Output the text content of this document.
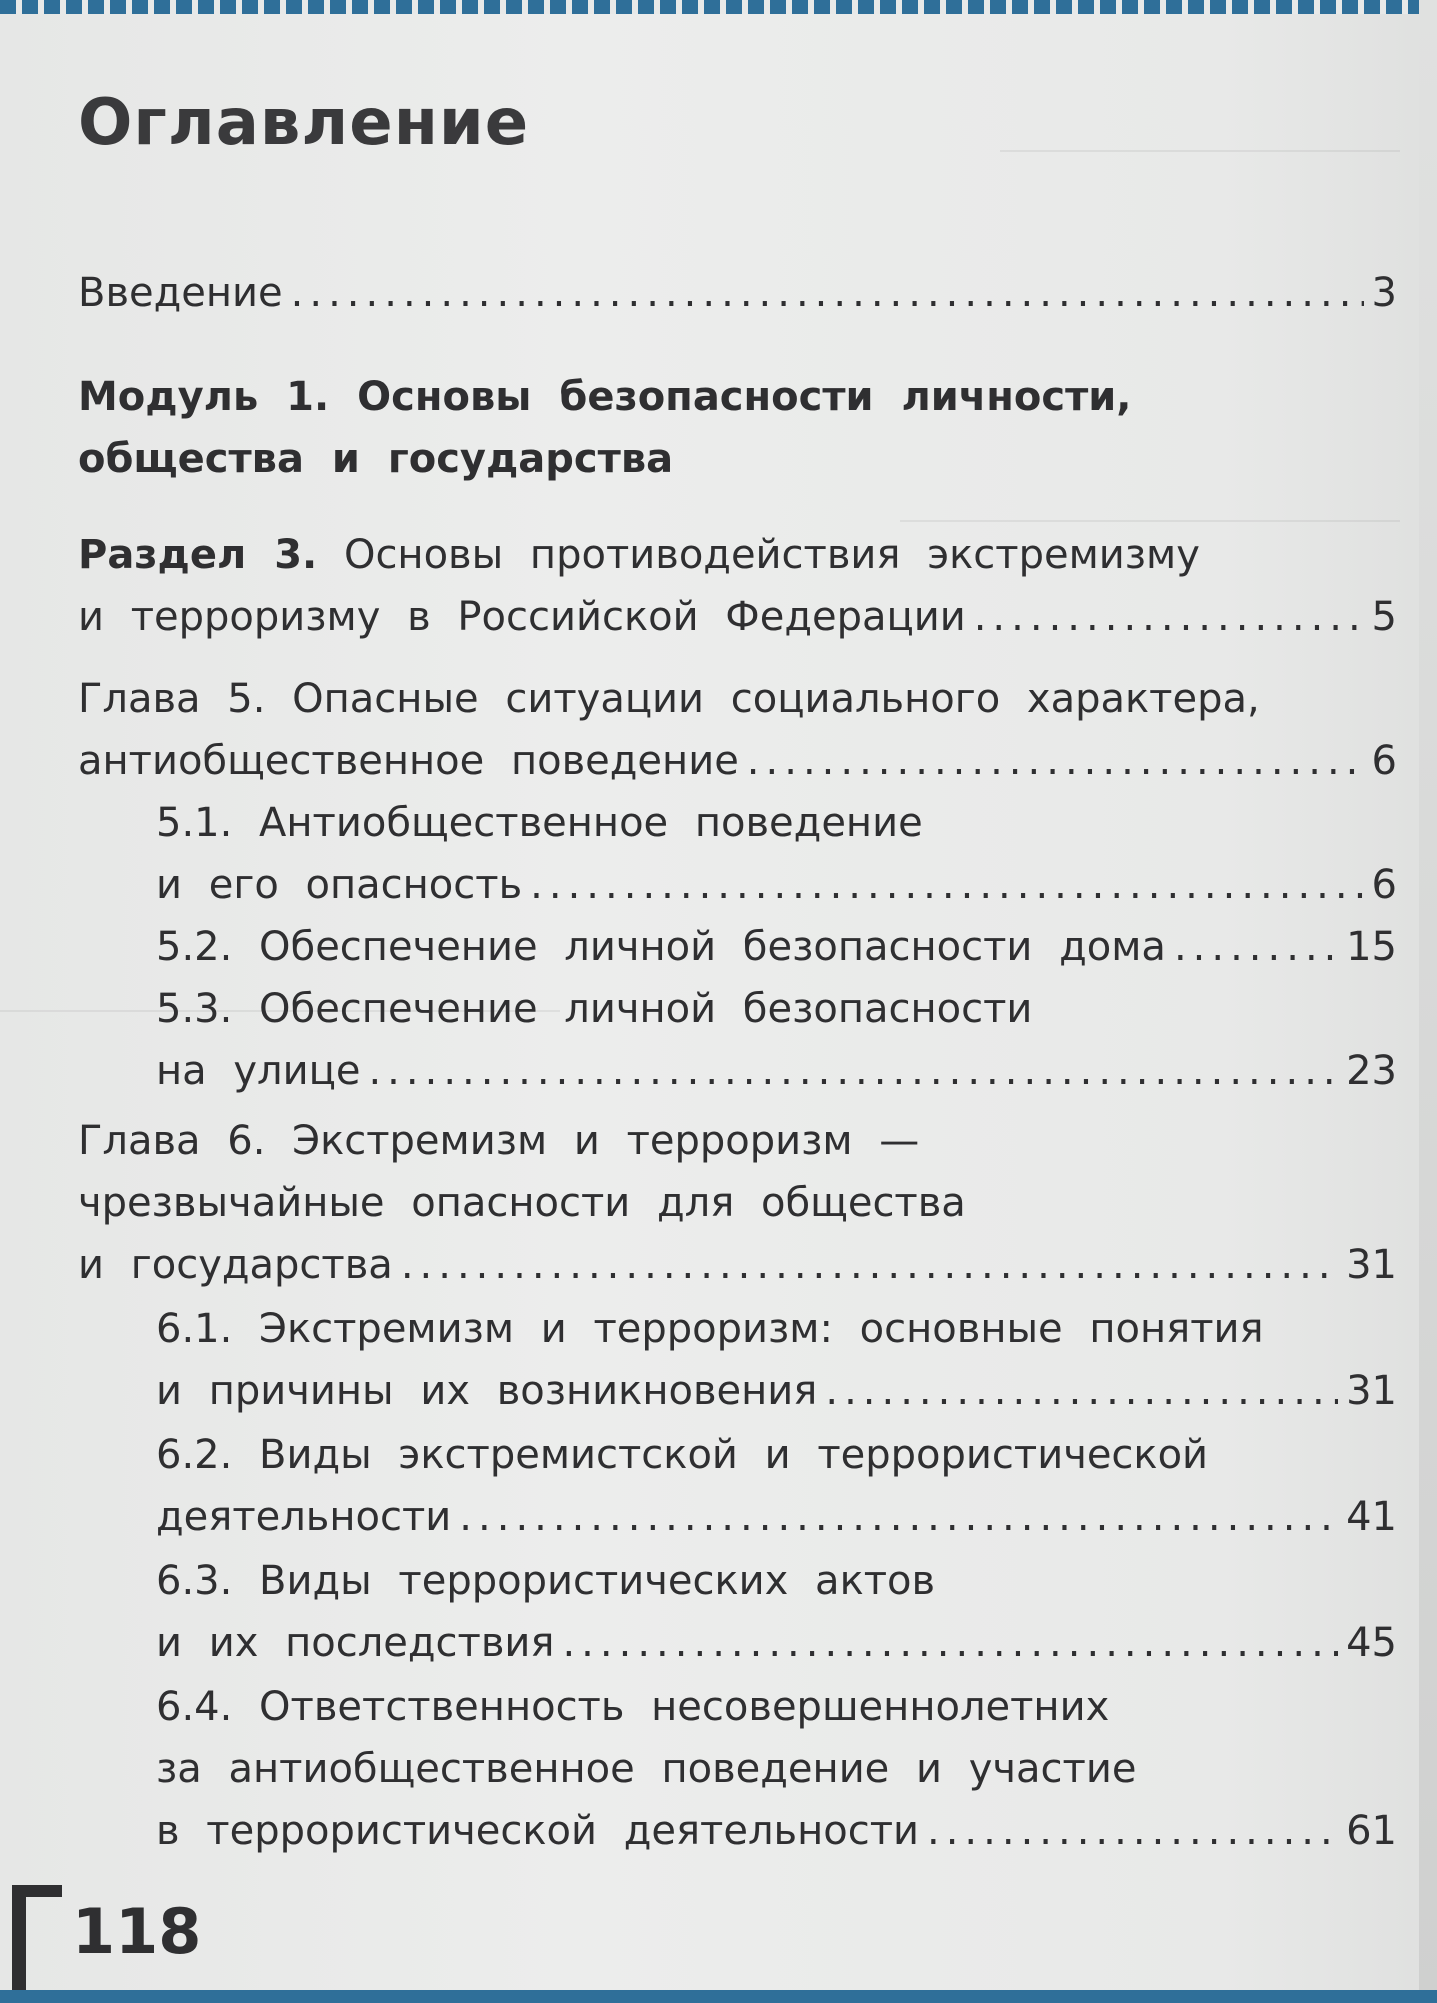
Оглавление
Введение .....	3
Модуль 1. Основы безопасности личности,
общества и государства
Раздел 3. Основы противодействия экстремизму
и терроризму в Российской Федерации .....	5
Глава 5. Опасные ситуации социального характера,
антиобщественное поведение .....	6
5.1. Антиобщественное поведение
и его опасность .....	6
5.2. Обеспечение личной безопасности дома .....	15
5.3. Обеспечение личной безопасности
на улице .....	23
Глава 6. Экстремизм и терроризм —
чрезвычайные опасности для общества
и государства .....	31
6.1. Экстремизм и терроризм: основные понятия
и причины их возникновения .....	31
6.2. Виды экстремистской и террористической
деятельности .....	41
6.3. Виды террористических актов
и их последствия .....	45
6.4. Ответственность несовершеннолетних
за антиобщественное поведение и участие
в террористической деятельности .....	61
118
